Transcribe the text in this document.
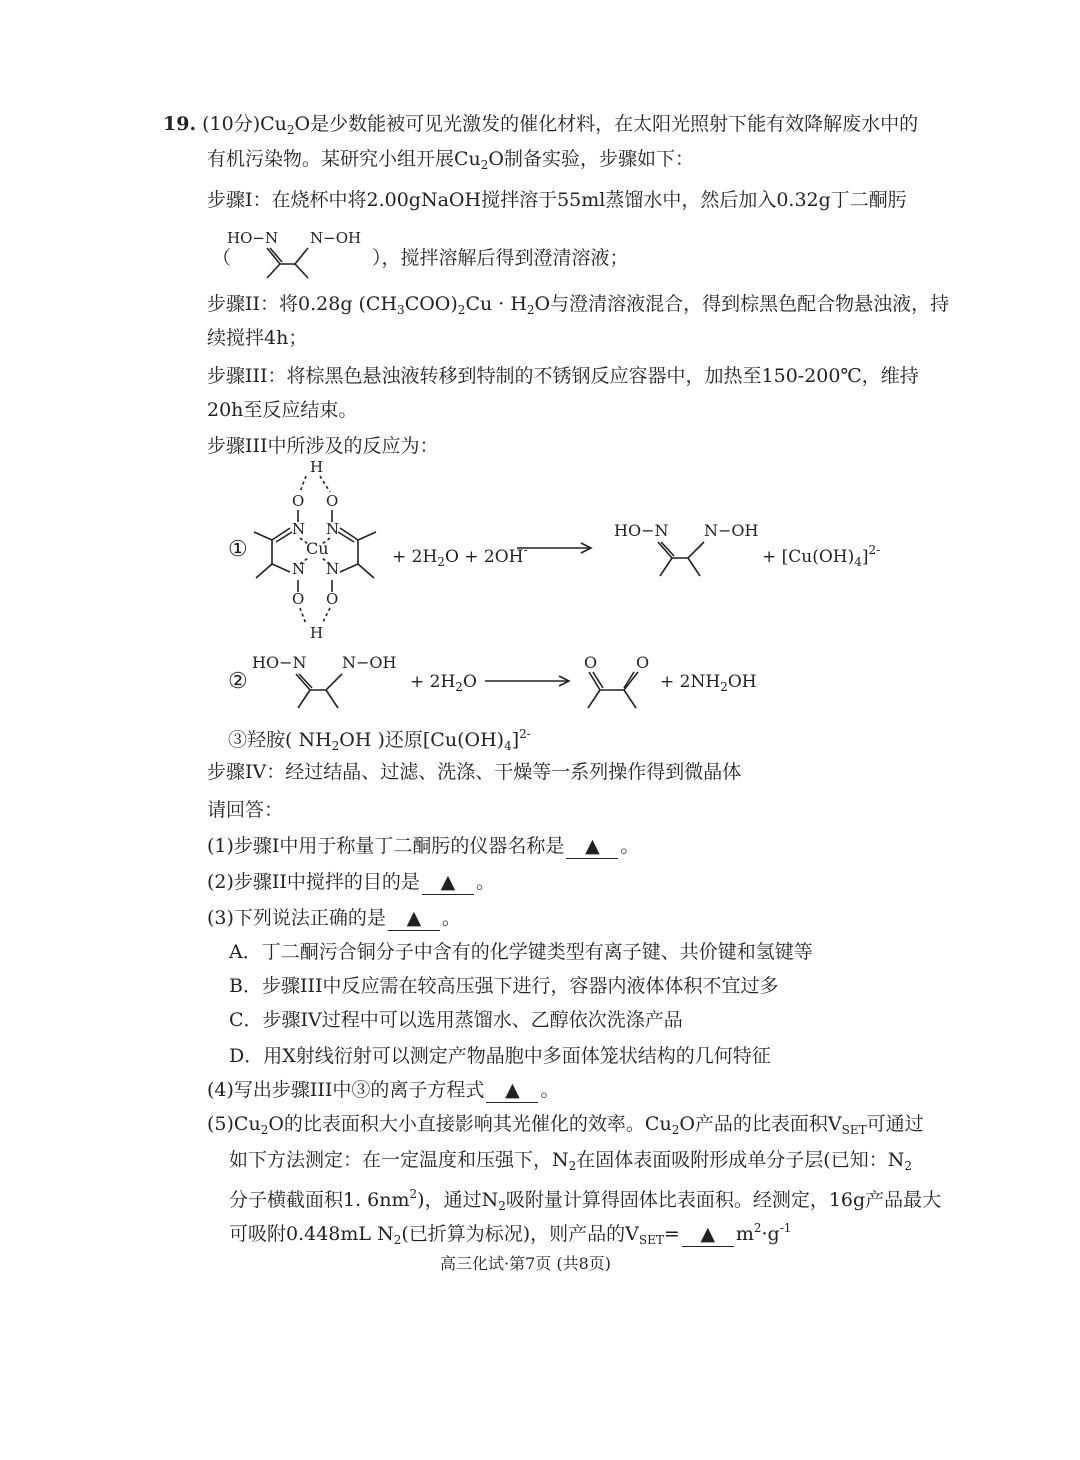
19. (10分)$Cu_2O$是少数能被可见光激发的催化材料，在太阳光照射下能有效降解废水中的
有机污染物。某研究小组开展$Cu_2O$制备实验，步骤如下：
步骤I：在烧杯中将2.00gNaOH搅拌溶于55ml蒸馏水中，然后加入0.32g丁二酮肟
（
HO−N N−OH
），搅拌溶解后得到澄清溶液；
步骤II：将0.28g $(CH_3COO)_2Cu \cdot H_2O$与澄清溶液混合，得到棕黑色配合物悬浊液，持
续搅拌4h；
步骤III：将棕黑色悬浊液转移到特制的不锈钢反应容器中，加热至150-200℃，维持
20h至反应结束。
步骤III中所涉及的反应为：
①
H
O O
N N
Cu
N N
O O
H
+ $2H_2O + 2OH^-$
HO−N N−OH
+ $[Cu(OH)_4]^{2-}$
②
HO−N N−OH
+ $2H_2O$
O O
+ $2NH_2OH$
③羟胺( $NH_2OH$ )还原$[Cu(OH)_4]^{2-}$
步骤IV：经过结晶、过滤、洗涤、干燥等一系列操作得到微晶体
请回答：
(1)步骤I中用于称量丁二酮肟的仪器名称是 ▲ 。
(2)步骤II中搅拌的目的是 ▲ 。
(3)下列说法正确的是 ▲ 。
A．丁二酮污合铜分子中含有的化学键类型有离子键、共价键和氢键等
B．步骤III中反应需在较高压强下进行，容器内液体体积不宜过多
C．步骤IV过程中可以选用蒸馏水、乙醇依次洗涤产品
D．用X射线衍射可以测定产物晶胞中多面体笼状结构的几何特征
(4)写出步骤III中③的离子方程式 ▲ 。
$(5)Cu_2O$的比表面积大小直接影响其光催化的效率。$Cu_2O$产品的比表面积$V_{SET}$可通过
如下方法测定：在一定温度和压强下，$N_2$在固体表面吸附形成单分子层(已知：$N_2$
分子横截面积1. $6nm^2$)，通过$N_2$吸附量计算得固体比表面积。经测定，16g产品最大
可吸附0.448mL $N_2$(已折算为标况)，则产品的$V_{SET}=$ ▲ $m^2\cdot g^{-1}$
高三化试·第7页 (共8页)
